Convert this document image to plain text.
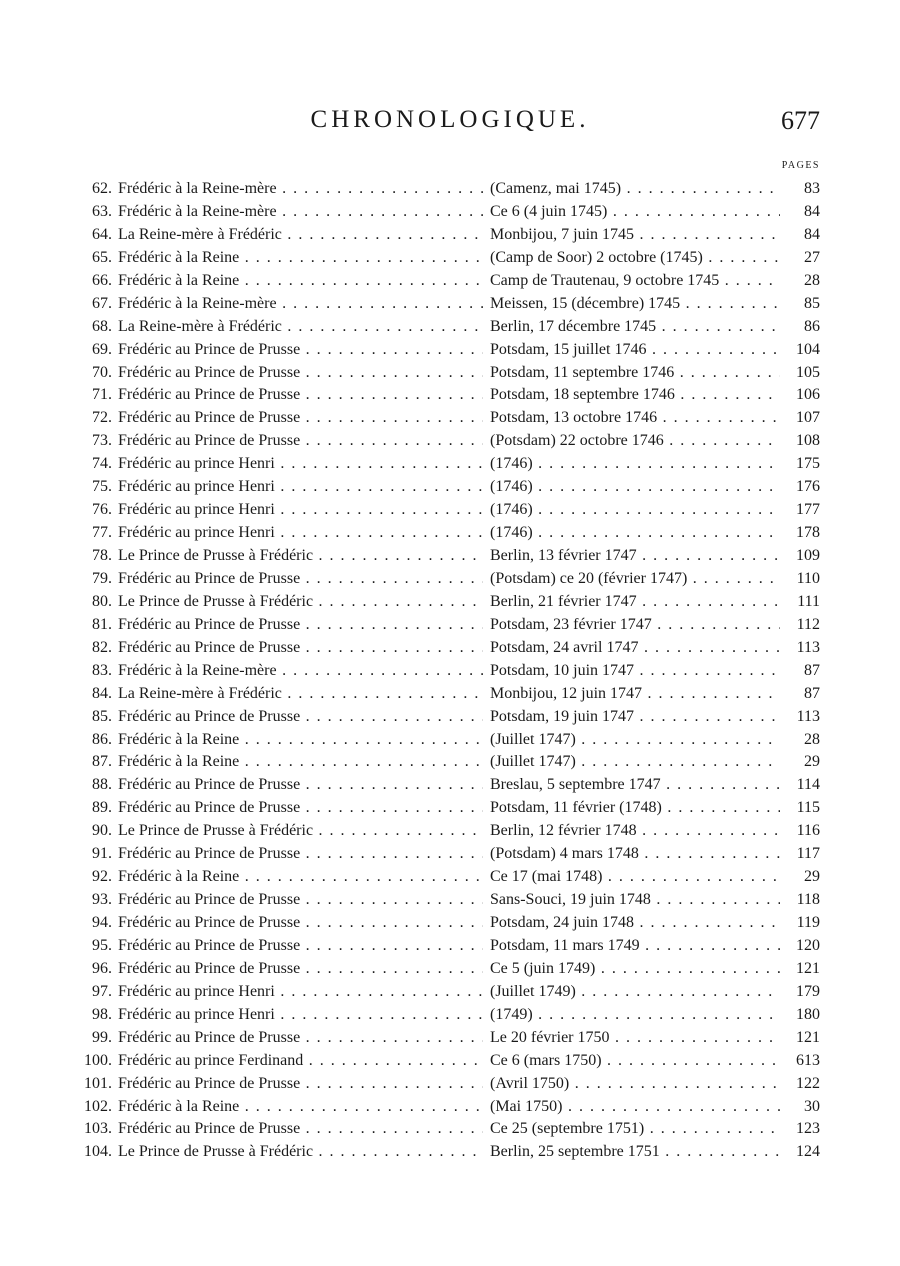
CHRONOLOGIQUE.	677
PAGES
62. Frédéric à la Reine-mère . . .	(Camenz, mai 1745) . . .	83
63. Frédéric à la Reine-mère . . .	Ce 6 (4 juin 1745) . . .	84
64. La Reine-mère à Frédéric . . .	Monbijou, 7 juin 1745 . . .	84
65. Frédéric à la Reine . . .	(Camp de Soor) 2 octobre (1745) . . .	27
66. Frédéric à la Reine . . .	Camp de Trautenau, 9 octobre 1745 . . .	28
67. Frédéric à la Reine-mère . . .	Meissen, 15 (décembre) 1745 . . .	85
68. La Reine-mère à Frédéric . . .	Berlin, 17 décembre 1745 . . .	86
69. Frédéric au Prince de Prusse . . .	Potsdam, 15 juillet 1746 . . .	104
70. Frédéric au Prince de Prusse . . .	Potsdam, 11 septembre 1746 . . .	105
71. Frédéric au Prince de Prusse . . .	Potsdam, 18 septembre 1746 . . .	106
72. Frédéric au Prince de Prusse . . .	Potsdam, 13 octobre 1746 . . .	107
73. Frédéric au Prince de Prusse . . .	(Potsdam) 22 octobre 1746 . . .	108
74. Frédéric au prince Henri . . .	(1746) . . .	175
75. Frédéric au prince Henri . . .	(1746) . . .	176
76. Frédéric au prince Henri . . .	(1746) . . .	177
77. Frédéric au prince Henri . . .	(1746) . . .	178
78. Le Prince de Prusse à Frédéric . . .	Berlin, 13 février 1747 . . .	109
79. Frédéric au Prince de Prusse . . .	(Potsdam) ce 20 (février 1747) . . .	110
80. Le Prince de Prusse à Frédéric . . .	Berlin, 21 février 1747 . . .	111
81. Frédéric au Prince de Prusse . . .	Potsdam, 23 février 1747 . . .	112
82. Frédéric au Prince de Prusse . . .	Potsdam, 24 avril 1747 . . .	113
83. Frédéric à la Reine-mère . . .	Potsdam, 10 juin 1747 . . .	87
84. La Reine-mère à Frédéric . . .	Monbijou, 12 juin 1747 . . .	87
85. Frédéric au Prince de Prusse . . .	Potsdam, 19 juin 1747 . . .	113
86. Frédéric à la Reine . . .	(Juillet 1747) . . .	28
87. Frédéric à la Reine . . .	(Juillet 1747) . . .	29
88. Frédéric au Prince de Prusse . . .	Breslau, 5 septembre 1747 . . .	114
89. Frédéric au Prince de Prusse . . .	Potsdam, 11 février (1748) . . .	115
90. Le Prince de Prusse à Frédéric . . .	Berlin, 12 février 1748 . . .	116
91. Frédéric au Prince de Prusse . . .	(Potsdam) 4 mars 1748 . . .	117
92. Frédéric à la Reine . . .	Ce 17 (mai 1748) . . .	29
93. Frédéric au Prince de Prusse . . .	Sans-Souci, 19 juin 1748 . . .	118
94. Frédéric au Prince de Prusse . . .	Potsdam, 24 juin 1748 . . .	119
95. Frédéric au Prince de Prusse . . .	Potsdam, 11 mars 1749 . . .	120
96. Frédéric au Prince de Prusse . . .	Ce 5 (juin 1749) . . .	121
97. Frédéric au prince Henri . . .	(Juillet 1749) . . .	179
98. Frédéric au prince Henri . . .	(1749) . . .	180
99. Frédéric au Prince de Prusse . . .	Le 20 février 1750 . . .	121
100. Frédéric au prince Ferdinand . . .	Ce 6 (mars 1750) . . .	613
101. Frédéric au Prince de Prusse . . .	(Avril 1750) . . .	122
102. Frédéric à la Reine . . .	(Mai 1750) . . .	30
103. Frédéric au Prince de Prusse . . .	Ce 25 (septembre 1751) . . .	123
104. Le Prince de Prusse à Frédéric . . .	Berlin, 25 septembre 1751 . . .	124
